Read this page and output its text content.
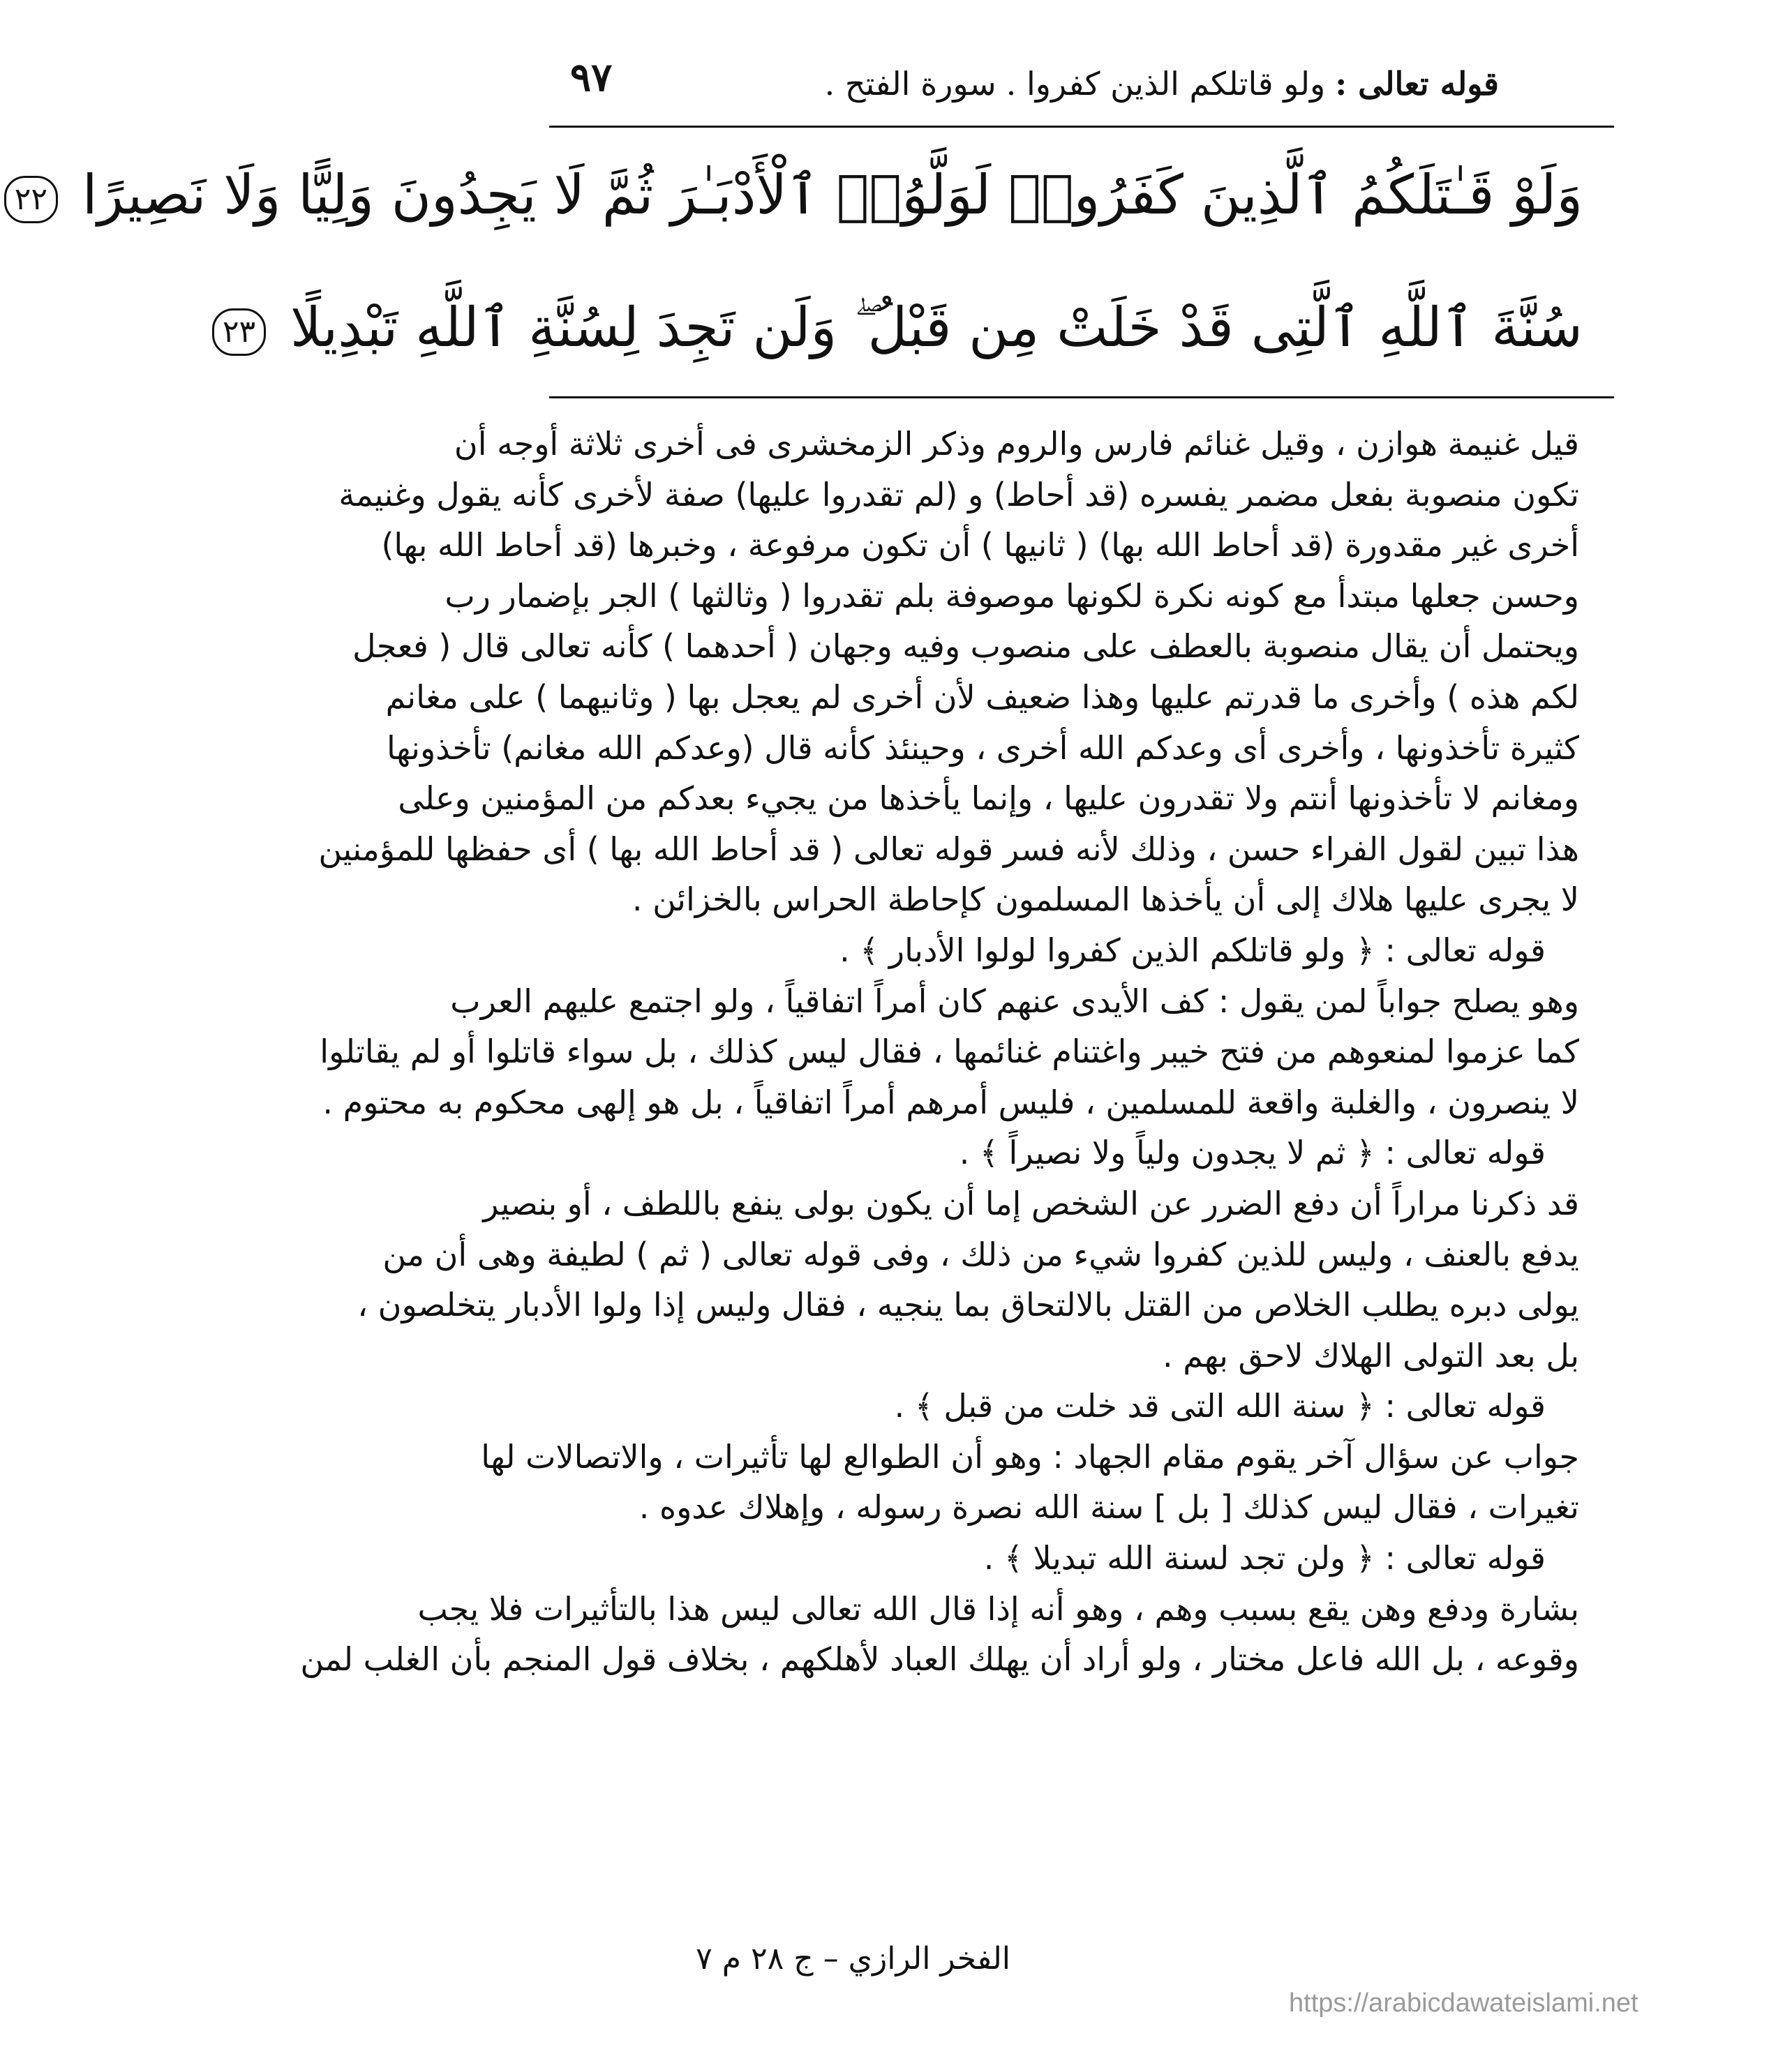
قوله تعالى :
ولو قاتلكم الذين كفروا .
سورة الفتح .
٩٧
وَلَوْ قَـٰتَلَكُمُ ٱلَّذِينَ كَفَرُوا۟ لَوَلَّوُا۟ ٱلْأَدْبَـٰرَ ثُمَّ لَا يَجِدُونَ وَلِيًّا وَلَا نَصِيرًا ٢٢
سُنَّةَ ٱللَّهِ ٱلَّتِى قَدْ خَلَتْ مِن قَبْلُ ۖ وَلَن تَجِدَ لِسُنَّةِ ٱللَّهِ تَبْدِيلًا ٢٣
قيل غنيمة هوازن ، وقيل غنائم فارس والروم وذكر الزمخشرى فى أخرى ثلاثة أوجه أن
تكون منصوبة بفعل مضمر يفسره (قد أحاط) و (لم تقدروا عليها) صفة لأخرى كأنه يقول وغنيمة
أخرى غير مقدورة (قد أحاط الله بها) ( ثانيها ) أن تكون مرفوعة ، وخبرها (قد أحاط الله بها)
وحسن جعلها مبتدأ مع كونه نكرة لكونها موصوفة بلم تقدروا ( وثالثها ) الجر بإضمار رب
ويحتمل أن يقال منصوبة بالعطف على منصوب وفيه وجهان ( أحدهما ) كأنه تعالى قال ( فعجل
لكم هذه ) وأخرى ما قدرتم عليها وهذا ضعيف لأن أخرى لم يعجل بها ( وثانيهما ) على مغانم
كثيرة تأخذونها ، وأخرى أى وعدكم الله أخرى ، وحينئذ كأنه قال (وعدكم الله مغانم) تأخذونها
ومغانم لا تأخذونها أنتم ولا تقدرون عليها ، وإنما يأخذها من يجيء بعدكم من المؤمنين وعلى
هذا تبين لقول الفراء حسن ، وذلك لأنه فسر قوله تعالى ( قد أحاط الله بها ) أى حفظها للمؤمنين
لا يجرى عليها هلاك إلى أن يأخذها المسلمون كإحاطة الحراس بالخزائن .
قوله تعالى : ﴿ ولو قاتلكم الذين كفروا لولوا الأدبار ﴾ .
وهو يصلح جواباً لمن يقول : كف الأيدى عنهم كان أمراً اتفاقياً ، ولو اجتمع عليهم العرب
كما عزموا لمنعوهم من فتح خيبر واغتنام غنائمها ، فقال ليس كذلك ، بل سواء قاتلوا أو لم يقاتلوا
لا ينصرون ، والغلبة واقعة للمسلمين ، فليس أمرهم أمراً اتفاقياً ، بل هو إلهى محكوم به محتوم .
قوله تعالى : ﴿ ثم لا يجدون ولياً ولا نصيراً ﴾ .
قد ذكرنا مراراً أن دفع الضرر عن الشخص إما أن يكون بولى ينفع باللطف ، أو بنصير
يدفع بالعنف ، وليس للذين كفروا شيء من ذلك ، وفى قوله تعالى ( ثم ) لطيفة وهى أن من
يولى دبره يطلب الخلاص من القتل بالالتحاق بما ينجيه ، فقال وليس إذا ولوا الأدبار يتخلصون ،
بل بعد التولى الهلاك لاحق بهم .
قوله تعالى : ﴿ سنة الله التى قد خلت من قبل ﴾ .
جواب عن سؤال آخر يقوم مقام الجهاد : وهو أن الطوالع لها تأثيرات ، والاتصالات لها
تغيرات ، فقال ليس كذلك [ بل ] سنة الله نصرة رسوله ، وإهلاك عدوه .
قوله تعالى : ﴿ ولن تجد لسنة الله تبديلا ﴾ .
بشارة ودفع وهن يقع بسبب وهم ، وهو أنه إذا قال الله تعالى ليس هذا بالتأثيرات فلا يجب
وقوعه ، بل الله فاعل مختار ، ولو أراد أن يهلك العباد لأهلكهم ، بخلاف قول المنجم بأن الغلب لمن
الفخر الرازي – ج ٢٨ م ٧
https://arabicdawateislami.net
